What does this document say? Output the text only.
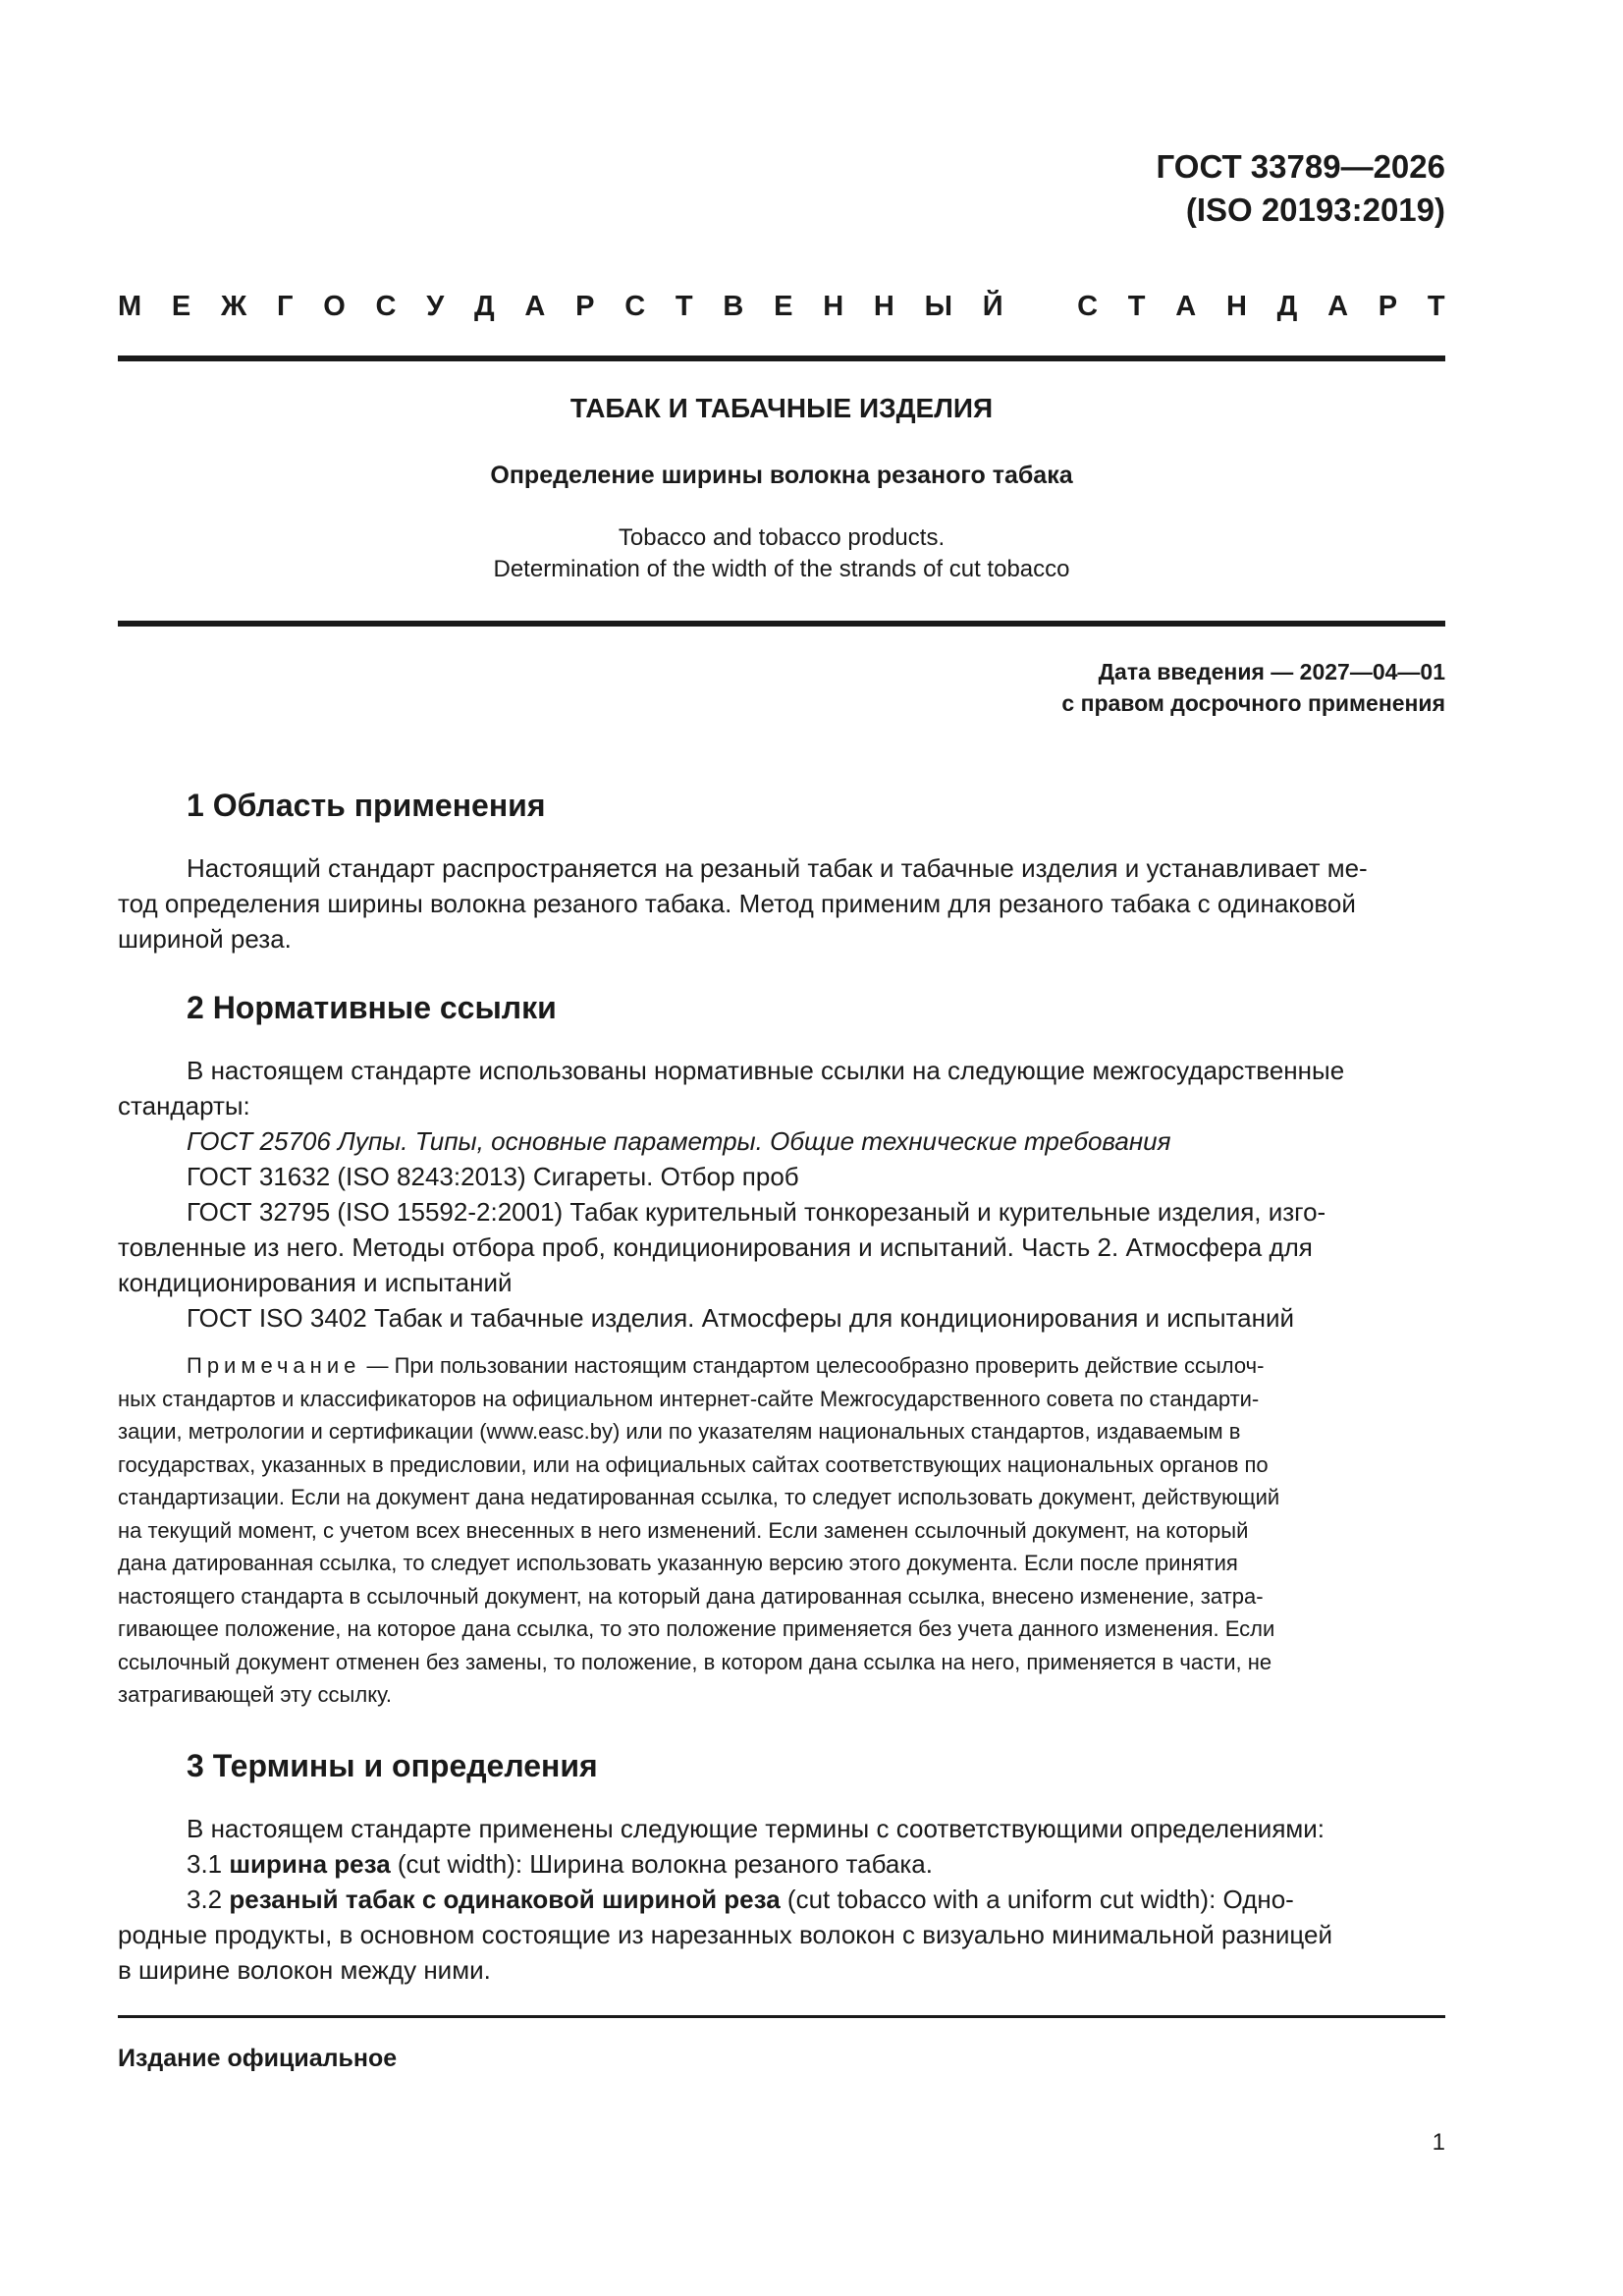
ГОСТ 33789—2026
(ISO 20193:2019)
М Е Ж Г О С У Д А Р С Т В Е Н Н Ы Й	С Т А Н Д А Р Т
ТАБАК И ТАБАЧНЫЕ ИЗДЕЛИЯ
Определение ширины волокна резаного табака
Tobacco and tobacco products.
Determination of the width of the strands of cut tobacco
Дата введения — 2027—04—01
с правом досрочного применения
1 Область применения
Настоящий стандарт распространяется на резаный табак и табачные изделия и устанавливает ме-
тод определения ширины волокна резаного табака. Метод применим для резаного табака с одинаковой
шириной реза.
2 Нормативные ссылки
В настоящем стандарте использованы нормативные ссылки на следующие межгосударственные
стандарты:
ГОСТ 25706 Лупы. Типы, основные параметры. Общие технические требования
ГОСТ 31632 (ISO 8243:2013) Сигареты. Отбор проб
ГОСТ 32795 (ISO 15592-2:2001) Табак курительный тонкорезаный и курительные изделия, изго-
товленные из него. Методы отбора проб, кондиционирования и испытаний. Часть 2. Атмосфера для
кондиционирования и испытаний
ГОСТ ISO 3402 Табак и табачные изделия. Атмосферы для кондиционирования и испытаний
Примечание — При пользовании настоящим стандартом целесообразно проверить действие ссылоч-
ных стандартов и классификаторов на официальном интернет-сайте Межгосударственного совета по стандарти-
зации, метрологии и сертификации (www.easc.by) или по указателям национальных стандартов, издаваемым в
государствах, указанных в предисловии, или на официальных сайтах соответствующих национальных органов по
стандартизации. Если на документ дана недатированная ссылка, то следует использовать документ, действующий
на текущий момент, с учетом всех внесенных в него изменений. Если заменен ссылочный документ, на который
дана датированная ссылка, то следует использовать указанную версию этого документа. Если после принятия
настоящего стандарта в ссылочный документ, на который дана датированная ссылка, внесено изменение, затра-
гивающее положение, на которое дана ссылка, то это положение применяется без учета данного изменения. Если
ссылочный документ отменен без замены, то положение, в котором дана ссылка на него, применяется в части, не
затрагивающей эту ссылку.
3 Термины и определения
В настоящем стандарте применены следующие термины с соответствующими определениями:
3.1 ширина реза (cut width): Ширина волокна резаного табака.
3.2 резаный табак с одинаковой шириной реза (cut tobacco with a uniform cut width): Одно-
родные продукты, в основном состоящие из нарезанных волокон с визуально минимальной разницей
в ширине волокон между ними.
Издание официальное
1
